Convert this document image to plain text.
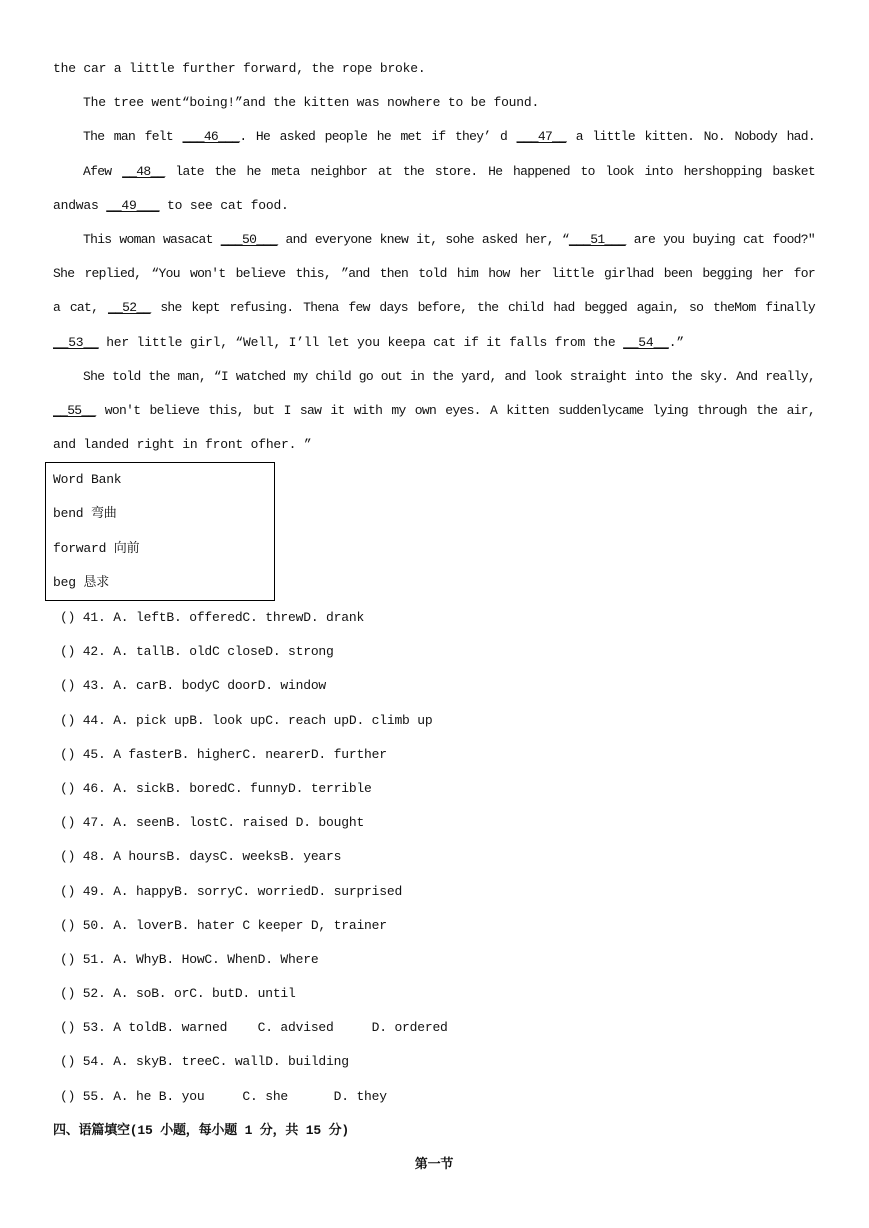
the car a little further forward, the rope broke.
The tree went“boing!”and the kitten was nowhere to be found.
The man felt ___46___. He asked people he met if they’ d ___47__ a little kitten. No. Nobody had.
Afew __48__ late the he meta neighbor at the store. He happened to look into hershopping basket
andwas __49___ to see cat food.
This woman wasacat ___50___ and everyone knew it, sohe asked her, “___51___ are you buying cat food?″
She replied, “You won't believe this, ”and then told him how her little girlhad been begging her for
a cat, __52__ she kept refusing. Thena few days before, the child had begged again, so theMom finally
__53__ her little girl, “Well, I’ll let you keepa cat if it falls from the __54__.”
She told the man, “I watched my child go out in the yard, and look straight into the sky. And really,
__55__ won't believe this, but I saw it with my own eyes. A kitten suddenlycame lying through the air,
and landed right in front ofher. ”
Word Bank
bend 弯曲
forward 向前
beg 恳求
() 41. A. leftB. offeredC. threwD. drank
() 42. A. tallB. oldC closeD. strong
() 43. A. carB. bodyC doorD. window
() 44. A. pick upB. look upC. reach upD. climb up
() 45. A fasterB. higherC. nearerD. further
() 46. A. sickB. boredC. funnyD. terrible
() 47. A. seenB. lostC. raised D. bought
() 48. A hoursB. daysC. weeksB. years
() 49. A. happyB. sorryC. worriedD. surprised
() 50. A. loverB. hater C keeper D, trainer
() 51. A. WhyB. HowC. WhenD. Where
() 52. A. soB. orC. butD. until
() 53. A toldB. warned    C. advised     D. ordered
() 54. A. skyB. treeC. wallD. building
() 55. A. he B. you     C. she      D. they
四、语篇填空(15 小题，每小题 1 分，共 15 分)
第一节
